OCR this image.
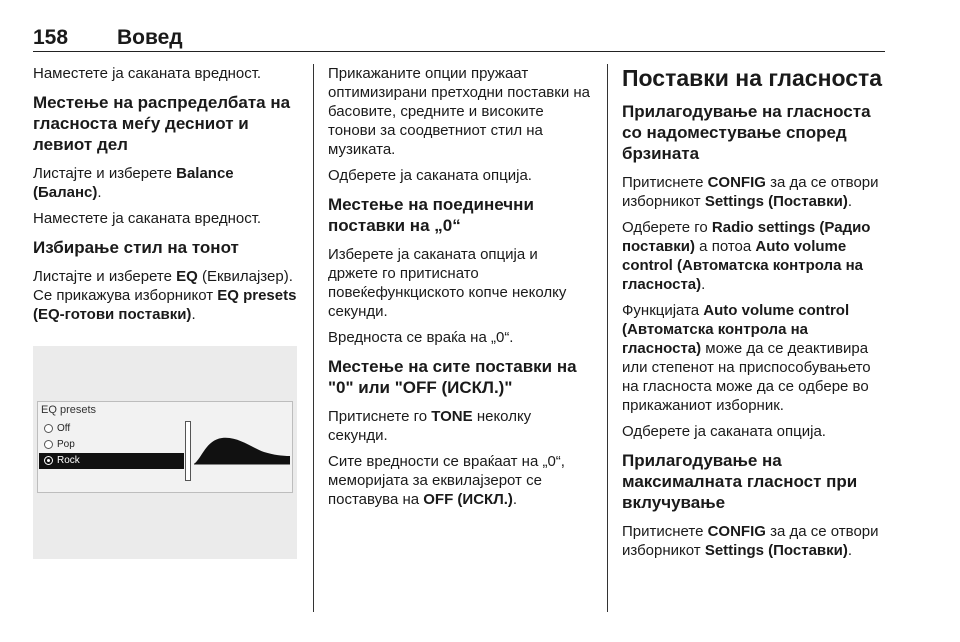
158 Вовед

Наместете ја саканата вредност.

Местење на распределбата на гласноста меѓу десниот и левиот дел

Листајте и изберете Balance (Баланс).

Наместете ја саканата вредност.

Избирање стил на тонот

Листајте и изберете EQ (Еквилајзер). Се прикажува изборникот EQ presets (EQ-готови поставки).

EQ presets
Off
Pop
Rock

Прикажаните опции пружаат оптимизирани претходни поставки на басовите, средните и високите тонови за соодветниот стил на музиката.

Одберете ја саканата опција.

Местење на поединечни поставки на „0“

Изберете ја саканата опција и држете го притиснато повеќефункциското копче неколку секунди.

Вредноста се враќа на „0“.

Местење на сите поставки на "0" или "OFF (ИСКЛ.)"

Притиснете го TONE неколку секунди.

Сите вредности се враќаат на „0“, меморијата за еквилајзерот се поставува на OFF (ИСКЛ.).

Поставки на гласноста
Прилагодување на гласноста со надоместување според брзината

Притиснете CONFIG за да се отвори изборникот Settings (Поставки).

Одберете го Radio settings (Радио поставки) а потоа Auto volume control (Автоматска контрола на гласноста).

Функцијата Auto volume control (Автоматска контрола на гласноста) може да се деактивира или степенот на приспособувањето на гласноста може да се одбере во прикажаниот изборник.

Одберете ја саканата опција.

Прилагодување на максималната гласност при вклучување

Притиснете CONFIG за да се отвори изборникот Settings (Поставки).
